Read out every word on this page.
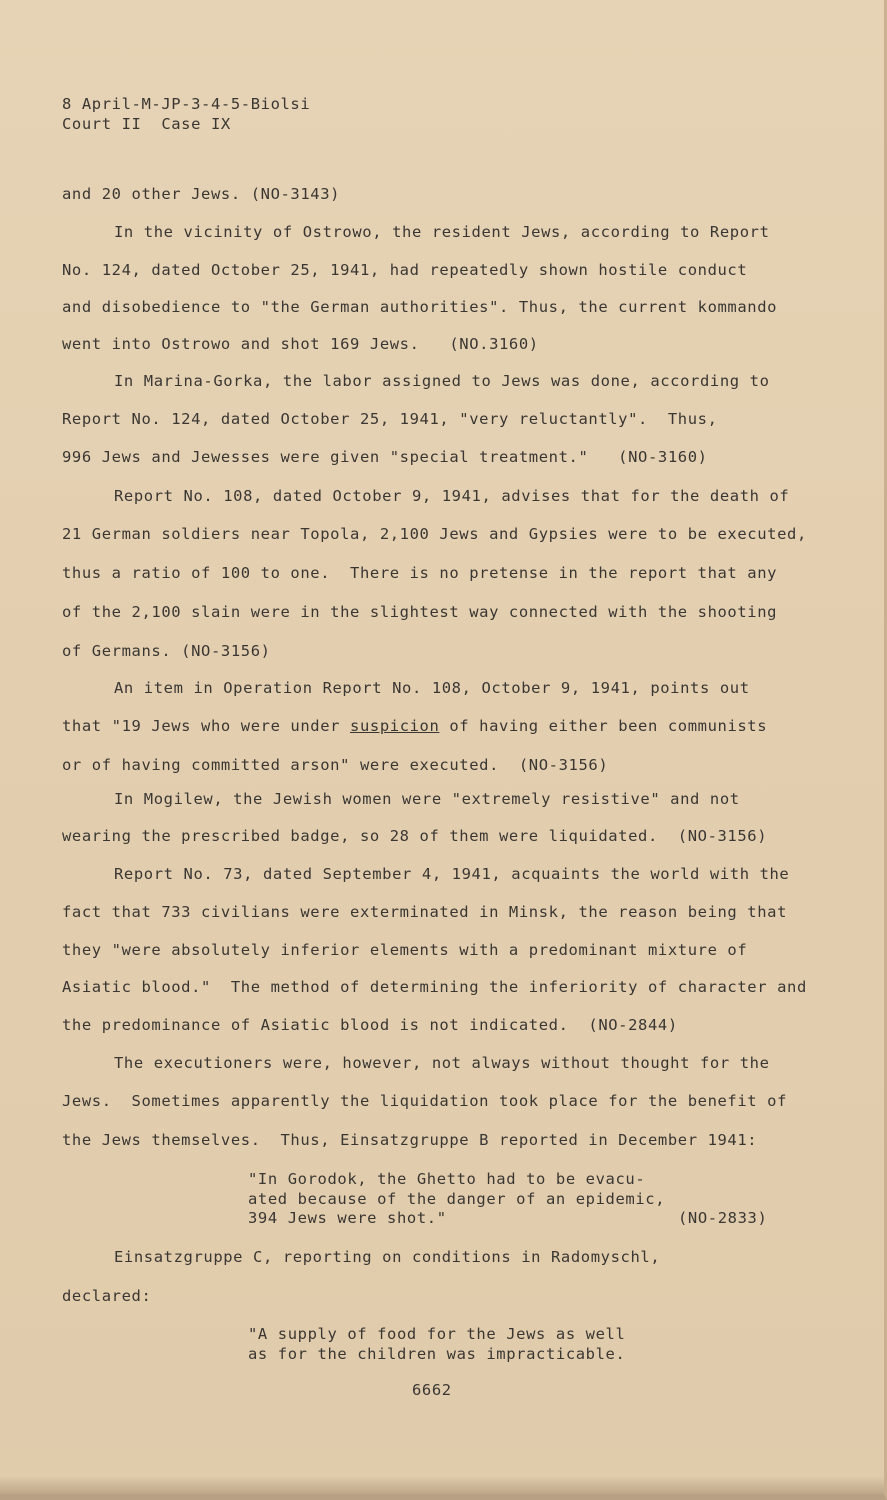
8 April-M-JP-3-4-5-Biolsi
Court II  Case IX
and 20 other Jews. (NO-3143)
In the vicinity of Ostrowo, the resident Jews, according to Report
No. 124, dated October 25, 1941, had repeatedly shown hostile conduct
and disobedience to "the German authorities". Thus, the current kommando
went into Ostrowo and shot 169 Jews.   (NO.3160)
In Marina-Gorka, the labor assigned to Jews was done, according to
Report No. 124, dated October 25, 1941, "very reluctantly".  Thus,
996 Jews and Jewesses were given "special treatment."   (NO-3160)
Report No. 108, dated October 9, 1941, advises that for the death of
21 German soldiers near Topola, 2,100 Jews and Gypsies were to be executed,
thus a ratio of 100 to one.  There is no pretense in the report that any
of the 2,100 slain were in the slightest way connected with the shooting
of Germans. (NO-3156)
An item in Operation Report No. 108, October 9, 1941, points out
that "19 Jews who were under suspicion of having either been communists
or of having committed arson" were executed.  (NO-3156)
In Mogilew, the Jewish women were "extremely resistive" and not
wearing the prescribed badge, so 28 of them were liquidated.  (NO-3156)
Report No. 73, dated September 4, 1941, acquaints the world with the
fact that 733 civilians were exterminated in Minsk, the reason being that
they "were absolutely inferior elements with a predominant mixture of
Asiatic blood."  The method of determining the inferiority of character and
the predominance of Asiatic blood is not indicated.  (NO-2844)
The executioners were, however, not always without thought for the
Jews.  Sometimes apparently the liquidation took place for the benefit of
the Jews themselves.  Thus, Einsatzgruppe B reported in December 1941:
"In Gorodok, the Ghetto had to be evacu-
ated because of the danger of an epidemic,
394 Jews were shot."	(NO-2833)
Einsatzgruppe C, reporting on conditions in Radomyschl,
declared:
"A supply of food for the Jews as well
as for the children was impracticable.
6662
